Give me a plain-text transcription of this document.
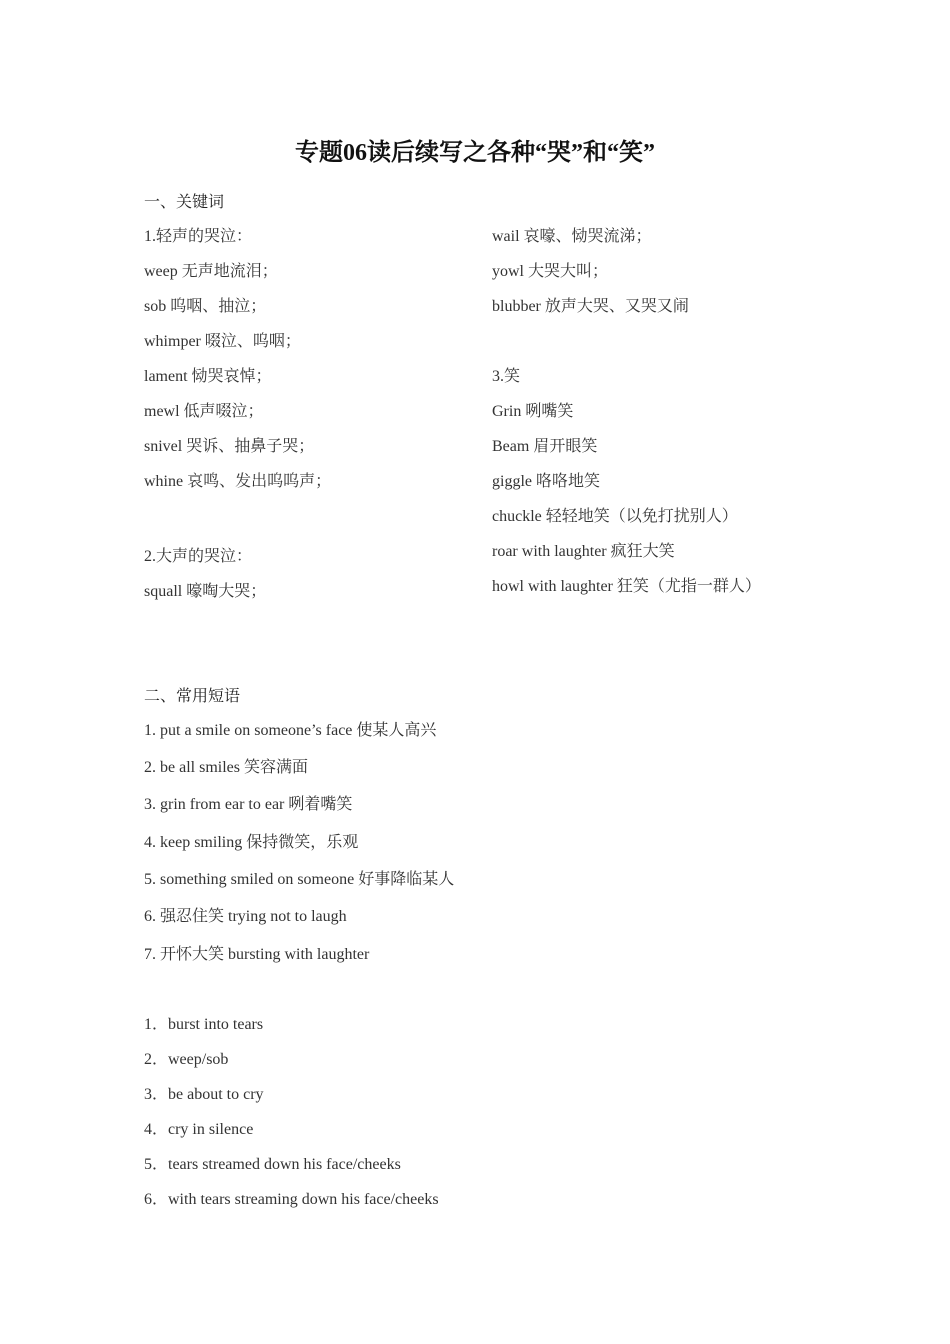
专题06读后续写之各种“哭”和“笑”
一、关键词
1.轻声的哭泣：
weep 无声地流泪；
sob 呜咽、抽泣；
whimper 啜泣、呜咽；
lament 恸哭哀悼；
mewl 低声啜泣；
snivel 哭诉、抽鼻子哭；
whine 哀鸣、发出呜呜声；
2.大声的哭泣：
squall 嚎啕大哭；
wail 哀嚎、恸哭流涕；
yowl 大哭大叫；
blubber 放声大哭、又哭又闹
3.笑
Grin 咧嘴笑
Beam 眉开眼笑
giggle 咯咯地笑
chuckle 轻轻地笑（以免打扰别人）
roar with laughter 疯狂大笑
howl with laughter 狂笑（尤指一群人）
二、常用短语
1. put a smile on someone’s face 使某人高兴
2. be all smiles 笑容满面
3. grin from ear to ear 咧着嘴笑
4. keep smiling 保持微笑，乐观
5. something smiled on someone 好事降临某人
6. 强忍住笑 trying not to laugh
7. 开怀大笑 bursting with laughter
1．burst into tears
2．weep/sob
3．be about to cry
4．cry in silence
5．tears streamed down his face/cheeks
6．with tears streaming down his face/cheeks
